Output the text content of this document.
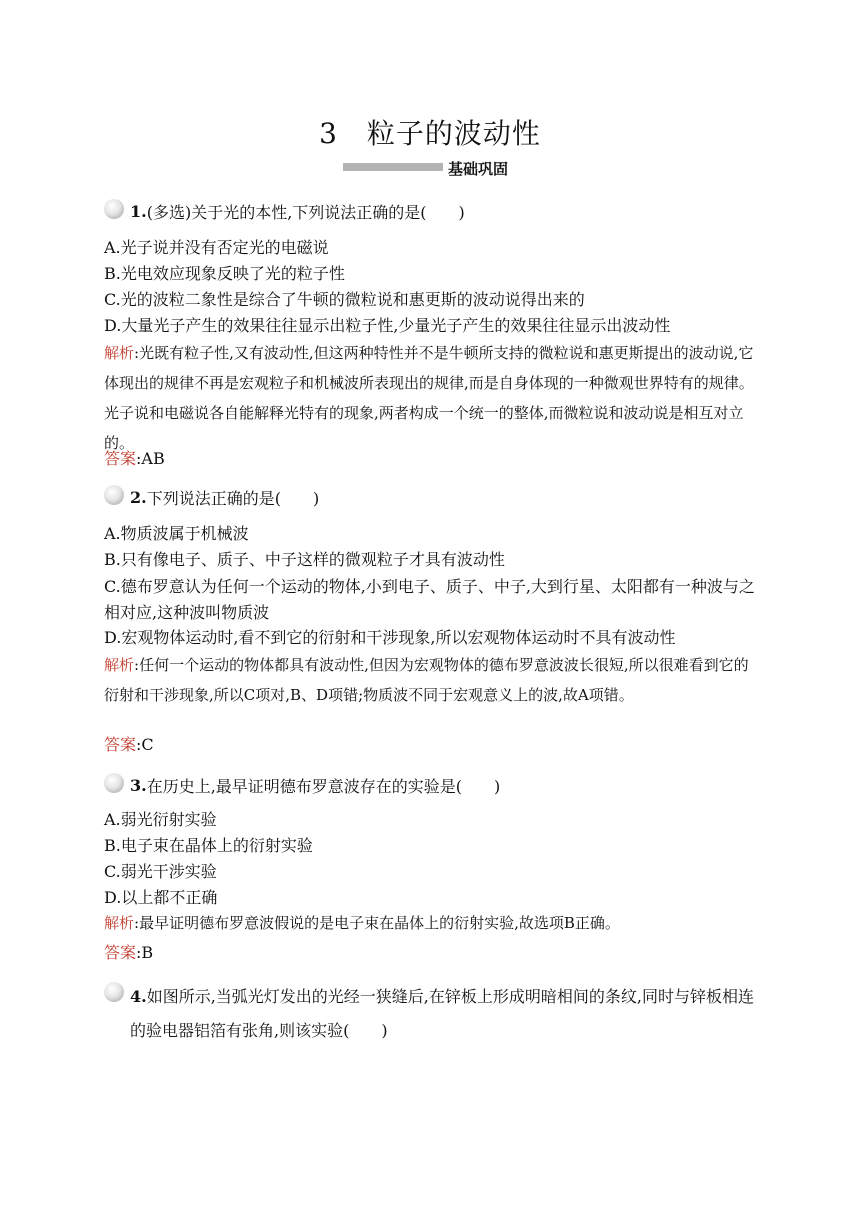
3　粒子的波动性
基础巩固
1. (多选)关于光的本性,下列说法正确的是(　　)
A.光子说并没有否定光的电磁说
B.光电效应现象反映了光的粒子性
C.光的波粒二象性是综合了牛顿的微粒说和惠更斯的波动说得出来的
D.大量光子产生的效果往往显示出粒子性,少量光子产生的效果往往显示出波动性
解析:光既有粒子性,又有波动性,但这两种特性并不是牛顿所支持的微粒说和惠更斯提出的波动说,它体现出的规律不再是宏观粒子和机械波所表现出的规律,而是自身体现的一种微观世界特有的规律。光子说和电磁说各自能解释光特有的现象,两者构成一个统一的整体,而微粒说和波动说是相互对立的。
答案:AB
2. 下列说法正确的是(　　)
A.物质波属于机械波
B.只有像电子、质子、中子这样的微观粒子才具有波动性
C.德布罗意认为任何一个运动的物体,小到电子、质子、中子,大到行星、太阳都有一种波与之相对应,这种波叫物质波
D.宏观物体运动时,看不到它的衍射和干涉现象,所以宏观物体运动时不具有波动性
解析:任何一个运动的物体都具有波动性,但因为宏观物体的德布罗意波波长很短,所以很难看到它的衍射和干涉现象,所以C项对,B、D项错;物质波不同于宏观意义上的波,故A项错。
答案:C
3. 在历史上,最早证明德布罗意波存在的实验是(　　)
A.弱光衍射实验
B.电子束在晶体上的衍射实验
C.弱光干涉实验
D.以上都不正确
解析:最早证明德布罗意波假说的是电子束在晶体上的衍射实验,故选项B正确。
答案:B
4.如图所示,当弧光灯发出的光经一狭缝后,在锌板上形成明暗相间的条纹,同时与锌板相连的验电器铝箔有张角,则该实验(　　)
